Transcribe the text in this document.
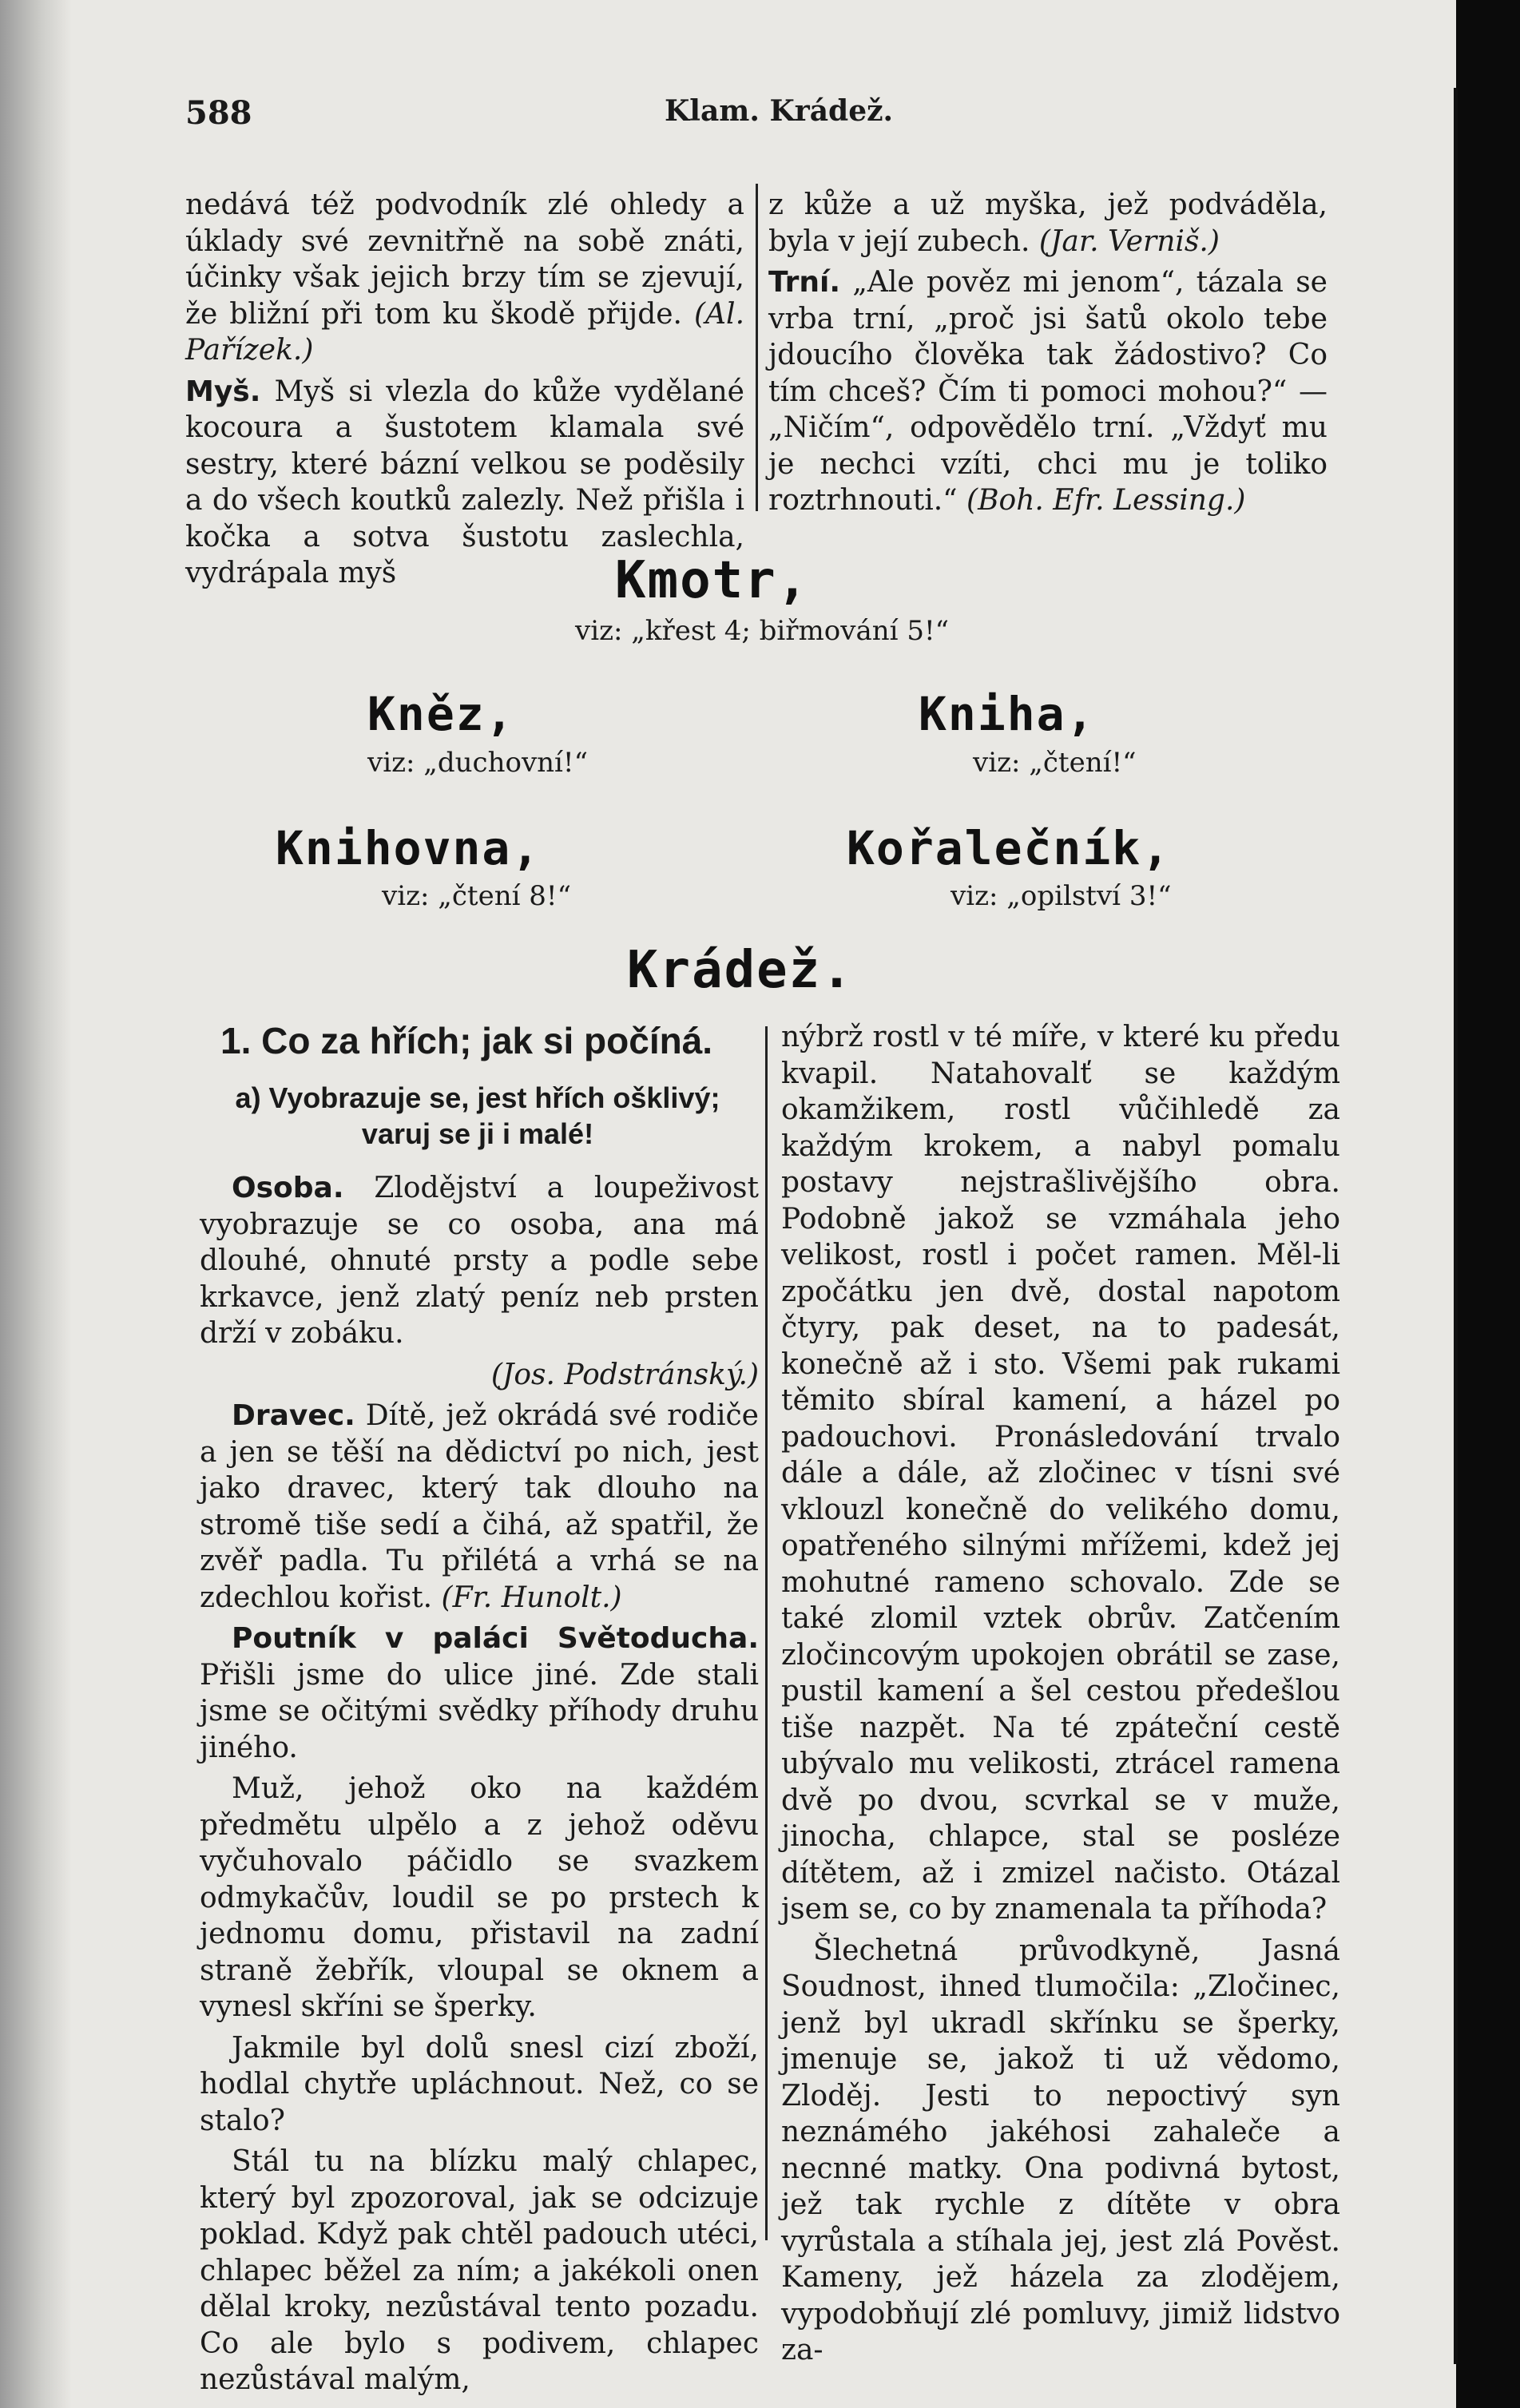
588	Klam. Krádež.

nedává též podvodník zlé ohledy a úklady své zevnitřně na sobě znáti, účinky však jejich brzy tím se zjevují, že bližní při tom ku škodě přijde. (Al. Pařízek.)

Myš. Myš si vlezla do kůže vydělané kocoura a šustotem klamala své sestry, které bázní velkou se poděsily a do všech koutků zalezly. Než přišla i kočka a sotva šustotu zaslechla, vydrápala myš

z kůže a už myška, jež podváděla, byla v její zubech. (Jar. Verniš.)

Trní. „Ale pověz mi jenom“, tázala se vrba trní, „proč jsi šatů okolo tebe jdoucího člověka tak žádostivo? Co tím chceš? Čím ti pomoci mohou?“ — „Ničím“, odpovědělo trní. „Vždyť mu je nechci vzíti, chci mu je toliko roztrhnouti.“ (Boh. Efr. Lessing.)

Kmotr,
viz: „křest 4; biřmování 5!“
Kněz,
viz: „duchovní!“
Kniha,
viz: „čtení!“
Knihovna,
viz: „čtení 8!“
Kořalečník,
viz: „opilství 3!“
Krádež.
1. Co za hřích; jak si počíná.
a) Vyobrazuje se, jest hřích ošklivý; varuj se ji i malé!

Osoba. Zlodějství a loupeživost vyobrazuje se co osoba, ana má dlouhé, ohnuté prsty a podle sebe krkavce, jenž zlatý peníz neb prsten drží v zobáku.

(Jos. Podstránský.)

Dravec. Dítě, jež okrádá své rodiče a jen se těší na dědictví po nich, jest jako dravec, který tak dlouho na stromě tiše sedí a čihá, až spatřil, že zvěř padla. Tu přilétá a vrhá se na zdechlou kořist. (Fr. Hunolt.)

Poutník v paláci Světoducha. Přišli jsme do ulice jiné. Zde stali jsme se očitými svědky příhody druhu jiného.

Muž, jehož oko na každém předmětu ulpělo a z jehož oděvu vyčuhovalo páčidlo se svazkem odmykačův, loudil se po prstech k jednomu domu, přistavil na zadní straně žebřík, vloupal se oknem a vynesl skříni se šperky.

Jakmile byl dolů snesl cizí zboží, hodlal chytře upláchnout. Než, co se stalo?

Stál tu na blízku malý chlapec, který byl zpozoroval, jak se odcizuje poklad. Když pak chtěl padouch utéci, chlapec běžel za ním; a jakékoli onen dělal kroky, nezůstával tento pozadu. Co ale bylo s podivem, chlapec nezůstával malým,

nýbrž rostl v té míře, v které ku předu kvapil. Natahovalť se každým okamžikem, rostl vůčihledě za každým krokem, a nabyl pomalu postavy nejstrašlivějšího obra. Podobně jakož se vzmáhala jeho velikost, rostl i počet ramen. Měl-li zpočátku jen dvě, dostal napotom čtyry, pak deset, na to padesát, konečně až i sto. Všemi pak rukami těmito sbíral kamení, a házel po padouchovi. Pronásledování trvalo dále a dále, až zločinec v tísni své vklouzl konečně do velikého domu, opatřeného silnými mřížemi, kdež jej mohutné rameno schovalo. Zde se také zlomil vztek obrův. Zatčením zločincovým upokojen obrátil se zase, pustil kamení a šel cestou předešlou tiše nazpět. Na té zpáteční cestě ubývalo mu velikosti, ztrácel ramena dvě po dvou, scvrkal se v muže, jinocha, chlapce, stal se posléze dítětem, až i zmizel načisto. Otázal jsem se, co by znamenala ta příhoda?

Šlechetná průvodkyně, Jasná Soudnost, ihned tlumočila: „Zločinec, jenž byl ukradl skřínku se šperky, jmenuje se, jakož ti už vědomo, Zloděj. Jesti to nepoctivý syn neznámého jakéhosi zahaleče a necnné matky. Ona podivná bytost, jež tak rychle z dítěte v obra vyrůstala a stíhala jej, jest zlá Pověst. Kameny, jež házela za zlodějem, vypodobňují zlé pomluvy, jimiž lidstvo za-
